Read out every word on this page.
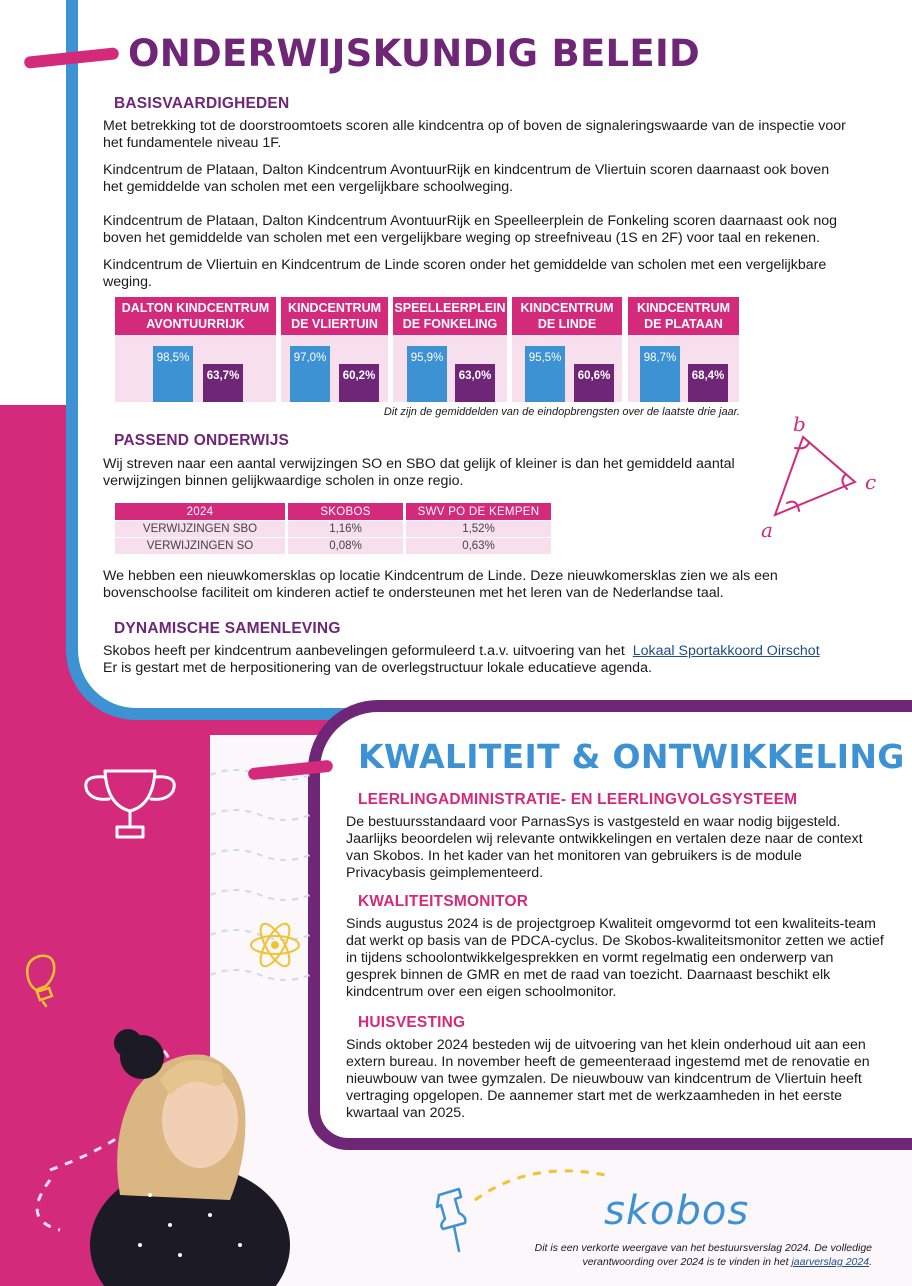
ONDERWIJSKUNDIG BELEID
BASISVAARDIGHEDEN

Met betrekking tot de doorstroomtoets scoren alle kindcentra op of boven de signaleringswaarde van de inspectie voor het fundamentele niveau 1F.

Kindcentrum de Plataan, Dalton Kindcentrum AvontuurRijk en kindcentrum de Vliertuin scoren daarnaast ook boven het gemiddelde van scholen met een vergelijkbare schoolweging.

Kindcentrum de Plataan, Dalton Kindcentrum AvontuurRijk en Speelleerplein de Fonkeling scoren daarnaast ook nog boven het gemiddelde van scholen met een vergelijkbare weging op streefniveau (1S en 2F) voor taal en rekenen.

Kindcentrum de Vliertuin en Kindcentrum de Linde scoren onder het gemiddelde van scholen met een vergelijkbare weging.

DALTON KINDCENTRUM AVONTUURRIJK
98,5%
63,7%
KINDCENTRUM DE VLIERTUIN
97,0%
60,2%
SPEELLEERPLEIN DE FONKELING
95,9%
63,0%
KINDCENTRUM DE LINDE
95,5%
60,6%
KINDCENTRUM DE PLATAAN
98,7%
68,4%
Dit zijn de gemiddelden van de eindopbrengsten over de laatste drie jaar.
PASSEND ONDERWIJS
Wij streven naar een aantal verwijzingen SO en SBO dat gelijk of kleiner is dan het gemiddeld aantal verwijzingen binnen gelijkwaardige scholen in onze regio.
2024	SKOBOS	SWV PO DE KEMPEN
VERWIJZINGEN SBO	1,16%	1,52%
VERWIJZINGEN SO	0,08%	0,63%
We hebben een nieuwkomersklas op locatie Kindcentrum de Linde. Deze nieuwkomersklas zien we als een bovenschoolse faciliteit om kinderen actief te ondersteunen met het leren van de Nederlandse taal.
DYNAMISCHE SAMENLEVING
Skobos heeft per kindcentrum aanbevelingen geformuleerd t.a.v. uitvoering van het Lokaal Sportakkoord Oirschot
Er is gestart met de herpositionering van de overlegstructuur lokale educatieve agenda.
b
c
a
KWALITEIT & ONTWIKKELING
LEERLINGADMINISTRATIE- EN LEERLINGVOLGSYSTEEM
De bestuursstandaard voor ParnasSys is vastgesteld en waar nodig bijgesteld. Jaarlijks beoordelen wij relevante ontwikkelingen en vertalen deze naar de context van Skobos. In het kader van het monitoren van gebruikers is de module Privacybasis geimplementeerd.
KWALITEITSMONITOR
Sinds augustus 2024 is de projectgroep Kwaliteit omgevormd tot een kwaliteits-team dat werkt op basis van de PDCA-cyclus. De Skobos-kwaliteitsmonitor zetten we actief in tijdens schoolontwikkelgesprekken en vormt regelmatig een onderwerp van gesprek binnen de GMR en met de raad van toezicht. Daarnaast beschikt elk kindcentrum over een eigen schoolmonitor.
HUISVESTING
Sinds oktober 2024 besteden wij de uitvoering van het klein onderhoud uit aan een extern bureau. In november heeft de gemeenteraad ingestemd met de renovatie en nieuwbouw van twee gymzalen. De nieuwbouw van kindcentrum de Vliertuin heeft vertraging opgelopen. De aannemer start met de werkzaamheden in het eerste kwartaal van 2025.
skobos
Dit is een verkorte weergave van het bestuursverslag 2024. De volledige
verantwoording over 2024 is te vinden in het jaarverslag 2024.
